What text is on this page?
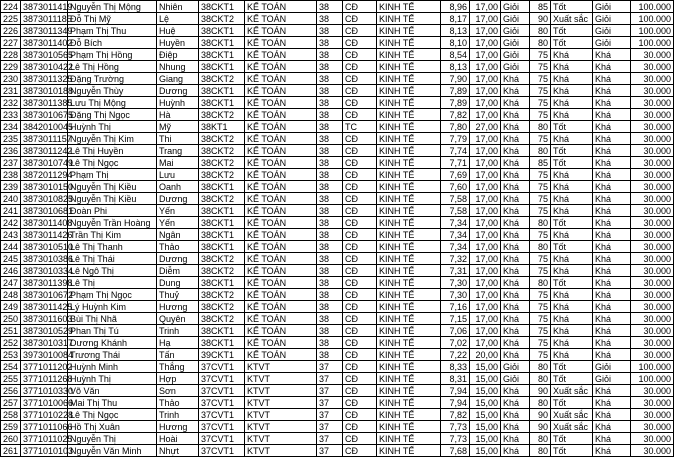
224	3873011419	Nguyễn Thị Mộng	Nhiên	38CKT1	KẾ TOÁN	38	CĐ	KINH TẾ	8,96	17,00	Giỏi	85	Tốt	Giỏi	100.000
225	3873011185	Đỗ Thị Mỹ	Lệ	38CKT2	KẾ TOÁN	38	CĐ	KINH TẾ	8,17	17,00	Giỏi	90	Xuất sắc	Giỏi	100.000
226	3873011349	Phạm Thị Thu	Huệ	38CKT1	KẾ TOÁN	38	CĐ	KINH TẾ	8,13	17,00	Giỏi	80	Tốt	Giỏi	100.000
227	3873011402	Đỗ Bích	Huyền	38CKT1	KẾ TOÁN	38	CĐ	KINH TẾ	8,10	17,00	Giỏi	80	Tốt	Giỏi	100.000
228	3873010565	Phạm Thị Hồng	Điệp	38CKT1	KẾ TOÁN	38	CĐ	KINH TẾ	8,54	17,00	Giỏi	75	Khá	Khá	30.000
229	3873010422	Lê Thị Hồng	Nhung	38CKT1	KẾ TOÁN	38	CĐ	KINH TẾ	8,13	17,00	Giỏi	75	Khá	Khá	30.000
230	3873011325	Đặng Trường	Giang	38CKT2	KẾ TOÁN	38	CĐ	KINH TẾ	7,90	17,00	Khá	75	Khá	Khá	30.000
231	3873010188	Nguyễn Thùy	Dương	38CKT1	KẾ TOÁN	38	CĐ	KINH TẾ	7,89	17,00	Khá	75	Khá	Khá	30.000
232	3873011385	Lưu Thị Mộng	Huỳnh	38CKT1	KẾ TOÁN	38	CĐ	KINH TẾ	7,89	17,00	Khá	75	Khá	Khá	30.000
233	3873010675	Đặng Thị Ngọc	Hà	38CKT2	KẾ TOÁN	38	CĐ	KINH TẾ	7,82	17,00	Khá	75	Khá	Khá	30.000
234	3842010045	Huỳnh Thị	Mỹ	38KT1	KẾ TOÁN	38	TC	KINH TẾ	7,80	27,00	Khá	80	Tốt	Khá	30.000
235	3873011157	Nguyễn Thị Kim	Thi	38CKT2	KẾ TOÁN	38	CĐ	KINH TẾ	7,79	17,00	Khá	75	Khá	Khá	30.000
236	3873011242	Lê Thị Huyền	Trang	38CKT2	KẾ TOÁN	38	CĐ	KINH TẾ	7,74	17,00	Khá	80	Tốt	Khá	30.000
237	3873010749	Lê Thị Ngọc	Mai	38CKT2	KẾ TOÁN	38	CĐ	KINH TẾ	7,71	17,00	Khá	85	Tốt	Khá	30.000
238	3872011294	Phạm Thị	Lưu	38CKT2	KẾ TOÁN	38	CĐ	KINH TẾ	7,69	17,00	Khá	75	Khá	Khá	30.000
239	3873010150	Nguyễn Thị Kiều	Oanh	38CKT1	KẾ TOÁN	38	CĐ	KINH TẾ	7,60	17,00	Khá	75	Khá	Khá	30.000
240	3873010825	Nguyễn Thị Kiều	Dương	38CKT2	KẾ TOÁN	38	CĐ	KINH TẾ	7,58	17,00	Khá	75	Khá	Khá	30.000
241	3873010681	Đoàn Phi	Yến	38CKT1	KẾ TOÁN	38	CĐ	KINH TẾ	7,58	17,00	Khá	75	Khá	Khá	30.000
242	3873011408	Nguyễn Trần Hoàng	Yến	38CKT1	KẾ TOÁN	38	CĐ	KINH TẾ	7,34	17,00	Khá	80	Tốt	Khá	30.000
243	3873011426	Trần Thị Kim	Ngân	38CKT1	KẾ TOÁN	38	CĐ	KINH TẾ	7,34	17,00	Khá	75	Khá	Khá	30.000
244	3873010510	Lê Thị Thanh	Thảo	38CKT1	KẾ TOÁN	38	CĐ	KINH TẾ	7,34	17,00	Khá	80	Tốt	Khá	30.000
245	3873010386	Lê Thị Thái	Dương	38CKT2	KẾ TOÁN	38	CĐ	KINH TẾ	7,32	17,00	Khá	75	Khá	Khá	30.000
246	3873010334	Lê Ngô Thị	Diễm	38CKT2	KẾ TOÁN	38	CĐ	KINH TẾ	7,31	17,00	Khá	75	Khá	Khá	30.000
247	3873011398	Lê Thị	Dung	38CKT1	KẾ TOÁN	38	CĐ	KINH TẾ	7,30	17,00	Khá	80	Tốt	Khá	30.000
248	3873010672	Phạm Thị Ngọc	Thuỷ	38CKT2	KẾ TOÁN	38	CĐ	KINH TẾ	7,30	17,00	Khá	75	Khá	Khá	30.000
249	3873011425	Lý Huỳnh Kim	Hương	38CKT2	KẾ TOÁN	38	CĐ	KINH TẾ	7,16	17,00	Khá	75	Khá	Khá	30.000
250	3873011603	Bùi Thị Nhã	Quyên	38CKT2	KẾ TOÁN	38	CĐ	KINH TẾ	7,15	17,00	Khá	75	Khá	Khá	30.000
251	3873010529	Phan Thị Tú	Trinh	38CKT1	KẾ TOÁN	38	CĐ	KINH TẾ	7,06	17,00	Khá	75	Khá	Khá	30.000
252	3873010317	Dương Khánh	Hạ	38CKT1	KẾ TOÁN	38	CĐ	KINH TẾ	7,02	17,00	Khá	75	Khá	Khá	30.000
253	3973010084	Trương Thái	Tấn	39CKT1	KẾ TOÁN	38	CĐ	KINH TẾ	7,22	20,00	Khá	75	Khá	Khá	30.000
254	3771011202	Huỳnh Minh	Thắng	37CVT1	KTVT	37	CĐ	KINH TẾ	8,33	15,00	Giỏi	80	Tốt	Giỏi	100.000
255	3771011268	Huỳnh Thị	Hợp	37CVT1	KTVT	37	CĐ	KINH TẾ	8,31	15,00	Giỏi	80	Tốt	Giỏi	100.000
256	3771010330	Võ Văn	Sơn	37CVT1	KTVT	37	CĐ	KINH TẾ	7,94	15,00	Khá	90	Xuất sắc	Khá	30.000
257	3771010066	Mai Thị Thu	Thảo	37CVT1	KTVT	37	CĐ	KINH TẾ	7,94	15,00	Khá	80	Tốt	Khá	30.000
258	3771010228	Lê Thị Ngọc	Trinh	37CVT1	KTVT	37	CĐ	KINH TẾ	7,82	15,00	Khá	90	Xuất sắc	Khá	30.000
259	3771011066	Hồ Thị Xuân	Hương	37CVT1	KTVT	37	CĐ	KINH TẾ	7,73	15,00	Khá	90	Xuất sắc	Khá	30.000
260	3771011025	Nguyễn Thị	Hoài	37CVT1	KTVT	37	CĐ	KINH TẾ	7,73	15,00	Khá	80	Tốt	Khá	30.000
261	3771010103	Nguyễn Văn Minh	Nhựt	37CVT1	KTVT	37	CĐ	KINH TẾ	7,68	15,00	Khá	80	Tốt	Khá	30.000
